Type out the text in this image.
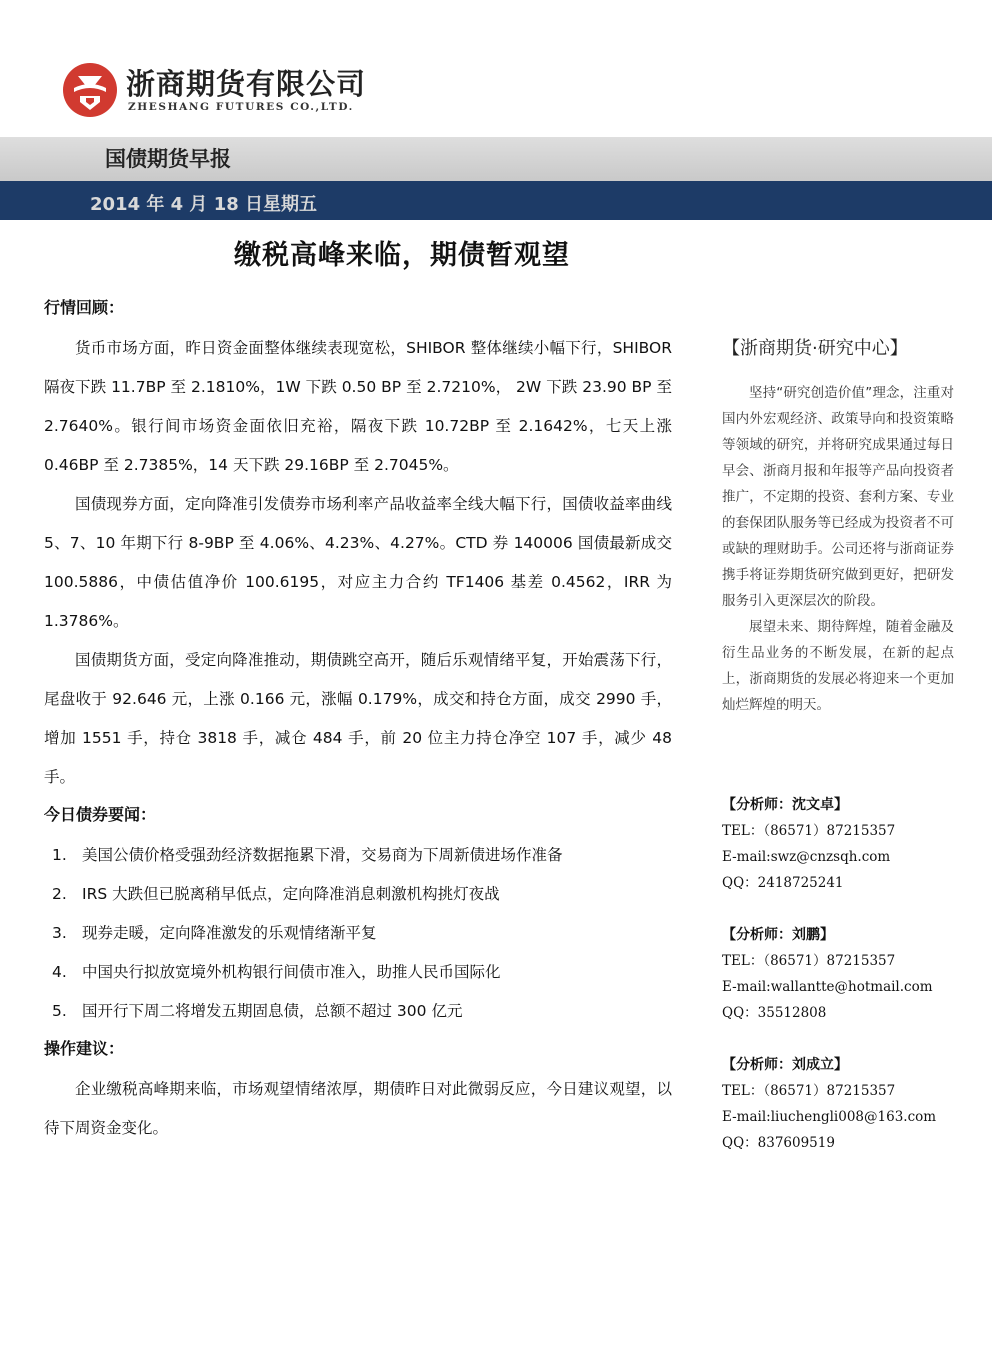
浙商期货有限公司
ZHESHANG FUTURES CO.,LTD.
国债期货早报
2014 年 4 月 18 日星期五
缴税高峰来临，期债暂观望
行情回顾：

货币市场方面，昨日资金面整体继续表现宽松，SHIBOR 整体继续小幅下行，SHIBOR 隔夜下跌 11.7BP 至 2.1810%，1W 下跌 0.50 BP 至 2.7210%， 2W 下跌 23.90 BP 至 2.7640%。银行间市场资金面依旧充裕，隔夜下跌 10.72BP 至 2.1642%，七天上涨 0.46BP 至 2.7385%，14 天下跌 29.16BP 至 2.7045%。

国债现券方面，定向降准引发债券市场利率产品收益率全线大幅下行，国债收益率曲线 5、7、10 年期下行 8-9BP 至 4.06%、4.23%、4.27%。CTD 券 140006 国债最新成交 100.5886，中债估值净价 100.6195，对应主力合约 TF1406 基差 0.4562，IRR 为 1.3786%。

国债期货方面，受定向降准推动，期债跳空高开，随后乐观情绪平复，开始震荡下行，尾盘收于 92.646 元，上涨 0.166 元，涨幅 0.179%，成交和持仓方面，成交 2990 手，增加 1551 手，持仓 3818 手，减仓 484 手，前 20 位主力持仓净空 107 手，减少 48 手。

今日债券要闻：
1. 美国公债价格受强劲经济数据拖累下滑，交易商为下周新债进场作准备
2. IRS 大跌但已脱离稍早低点，定向降准消息刺激机构挑灯夜战
3. 现券走暖，定向降准激发的乐观情绪渐平复
4. 中国央行拟放宽境外机构银行间债市准入，助推人民币国际化
5. 国开行下周二将增发五期固息债，总额不超过 300 亿元
操作建议：

企业缴税高峰期来临，市场观望情绪浓厚，期债昨日对此微弱反应，今日建议观望，以待下周资金变化。

【浙商期货·研究中心】

坚持“研究创造价值”理念，注重对国内外宏观经济、政策导向和投资策略等领域的研究，并将研究成果通过每日早会、浙商月报和年报等产品向投资者推广，不定期的投资、套利方案、专业的套保团队服务等已经成为投资者不可或缺的理财助手。公司还将与浙商证券携手将证券期货研究做到更好，把研发服务引入更深层次的阶段。

展望未来、期待辉煌，随着金融及衍生品业务的不断发展，在新的起点上，浙商期货的发展必将迎来一个更加灿烂辉煌的明天。

【分析师：沈文卓】
TEL：（86571）87215357
E-mail:swz@cnzsqh.com
QQ：2418725241
【分析师：刘鹏】
TEL：（86571）87215357
E-mail:wallantte@hotmail.com
QQ：35512808
【分析师：刘成立】
TEL：（86571）87215357
E-mail:liuchengli008@163.com
QQ：837609519
